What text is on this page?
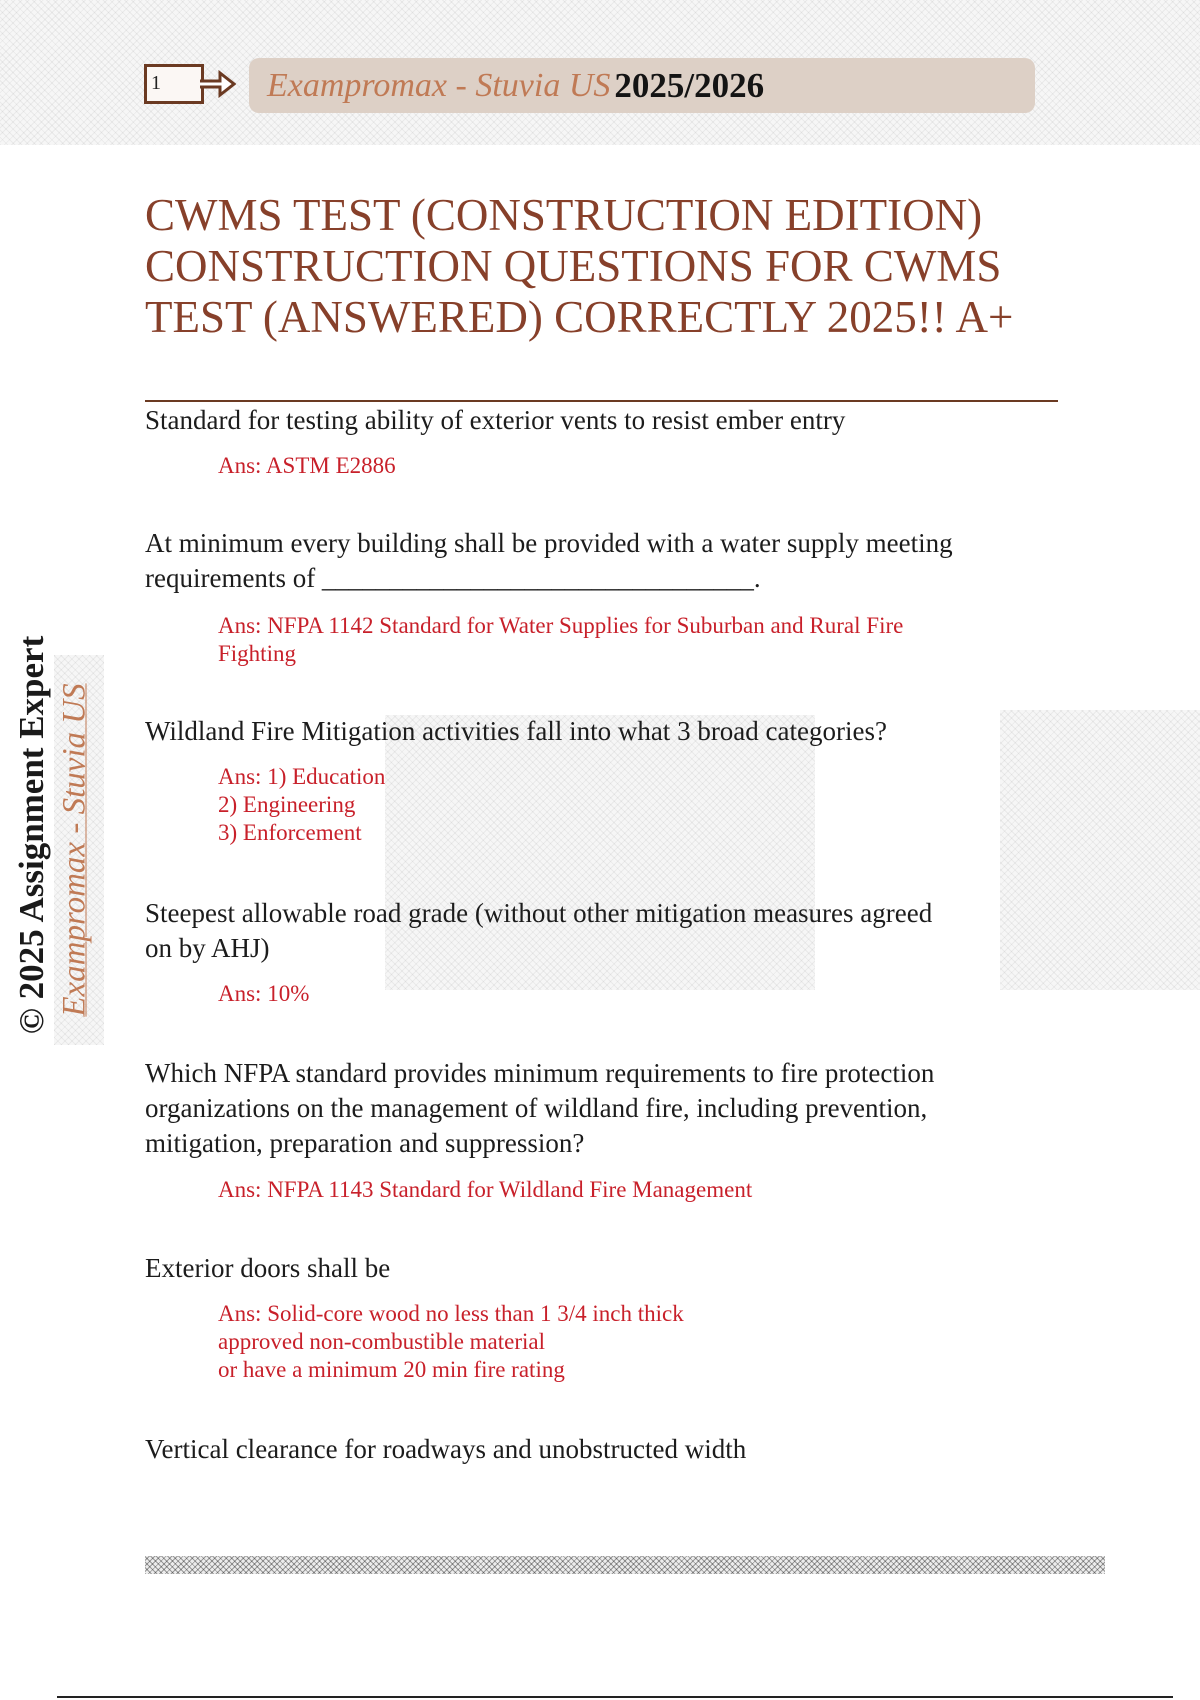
1	Exampromax - Stuvia US 2025/2026
© 2025 Assignment Expert Exampromax - Stuvia US
CWMS TEST (CONSTRUCTION EDITION) CONSTRUCTION QUESTIONS FOR CWMS TEST (ANSWERED) CORRECTLY 2025!! A+

Standard for testing ability of exterior vents to resist ember entry

Ans: ASTM E2886

At minimum every building shall be provided with a water supply meeting
requirements of ________________________________.

Ans: NFPA 1142 Standard for Water Supplies for Suburban and Rural Fire
Fighting

Wildland Fire Mitigation activities fall into what 3 broad categories?

Ans: 1) Education
2) Engineering
3) Enforcement

Steepest allowable road grade (without other mitigation measures agreed
on by AHJ)

Ans: 10%

Which NFPA standard provides minimum requirements to fire protection
organizations on the management of wildland fire, including prevention,
mitigation, preparation and suppression?

Ans: NFPA 1143 Standard for Wildland Fire Management

Exterior doors shall be

Ans: Solid-core wood no less than 1 3/4 inch thick
approved non-combustible material
or have a minimum 20 min fire rating

Vertical clearance for roadways and unobstructed width
